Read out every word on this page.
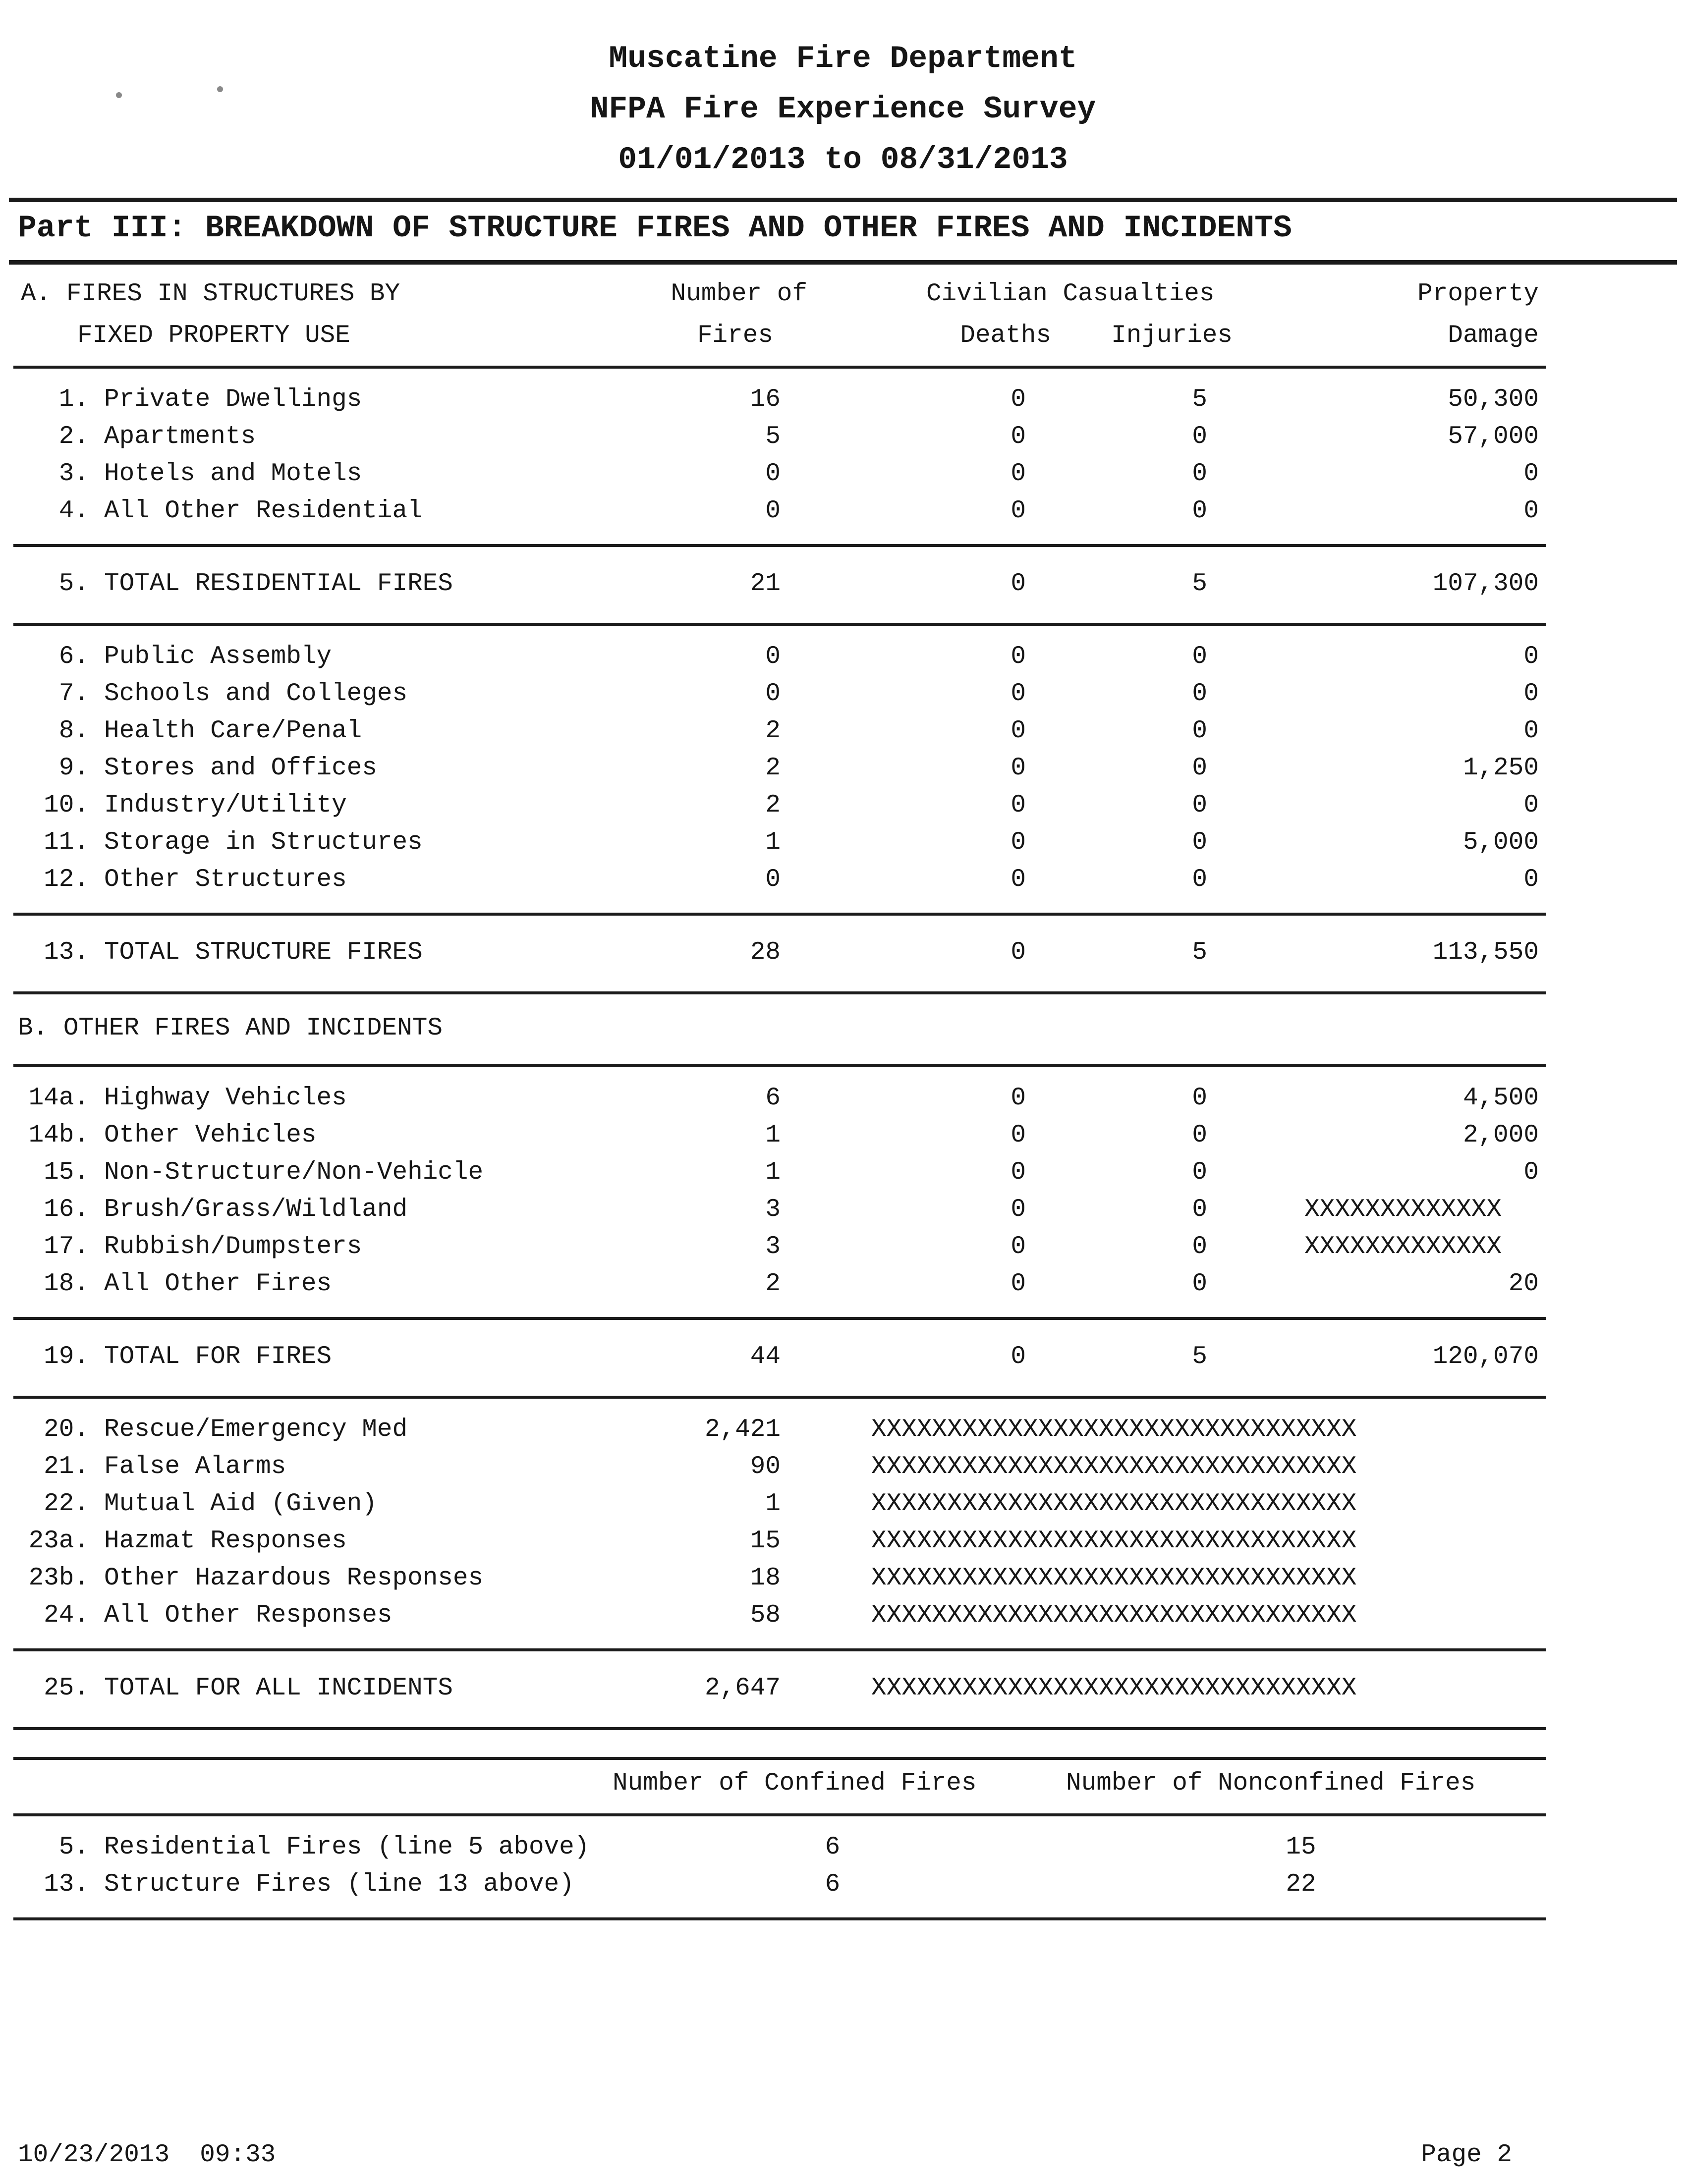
Muscatine Fire Department
NFPA Fire Experience Survey
01/01/2013 to 08/31/2013
Part III: BREAKDOWN OF STRUCTURE FIRES AND OTHER FIRES AND INCIDENTS
A. FIRES IN STRUCTURES BY	Number of	Civilian Casualties	Property
FIXED PROPERTY USE	Fires	Deaths	Injuries	Damage
1.	Private Dwellings	16	0	5	50,300
2.	Apartments	5	0	0	57,000
3.	Hotels and Motels	0	0	0	0
4.	All Other Residential	0	0	0	0
5.	TOTAL RESIDENTIAL FIRES	21	0	5	107,300
6.	Public Assembly	0	0	0	0
7.	Schools and Colleges	0	0	0	0
8.	Health Care/Penal	2	0	0	0
9.	Stores and Offices	2	0	0	1,250
10.	Industry/Utility	2	0	0	0
11.	Storage in Structures	1	0	0	5,000
12.	Other Structures	0	0	0	0
13.	TOTAL STRUCTURE FIRES	28	0	5	113,550
B. OTHER FIRES AND INCIDENTS
14a.	Highway Vehicles	6	0	0	4,500
14b.	Other Vehicles	1	0	0	2,000
15.	Non-Structure/Non-Vehicle	1	0	0	0
16.	Brush/Grass/Wildland	3	0	0	XXXXXXXXXXXXX
17.	Rubbish/Dumpsters	3	0	0	XXXXXXXXXXXXX
18.	All Other Fires	2	0	0	20
19.	TOTAL FOR FIRES	44	0	5	120,070
20.	Rescue/Emergency Med	2,421	XXXXXXXXXXXXXXXXXXXXXXXXXXXXXXXX
21.	False Alarms	90	XXXXXXXXXXXXXXXXXXXXXXXXXXXXXXXX
22.	Mutual Aid (Given)	1	XXXXXXXXXXXXXXXXXXXXXXXXXXXXXXXX
23a.	Hazmat Responses	15	XXXXXXXXXXXXXXXXXXXXXXXXXXXXXXXX
23b.	Other Hazardous Responses	18	XXXXXXXXXXXXXXXXXXXXXXXXXXXXXXXX
24.	All Other Responses	58	XXXXXXXXXXXXXXXXXXXXXXXXXXXXXXXX
25.	TOTAL FOR ALL INCIDENTS	2,647	XXXXXXXXXXXXXXXXXXXXXXXXXXXXXXXX
Number of Confined Fires	Number of Nonconfined Fires
5.	Residential Fires (line 5 above)	6	15
13.	Structure Fires (line 13 above)	6	22
10/23/2013  09:33	Page 2
